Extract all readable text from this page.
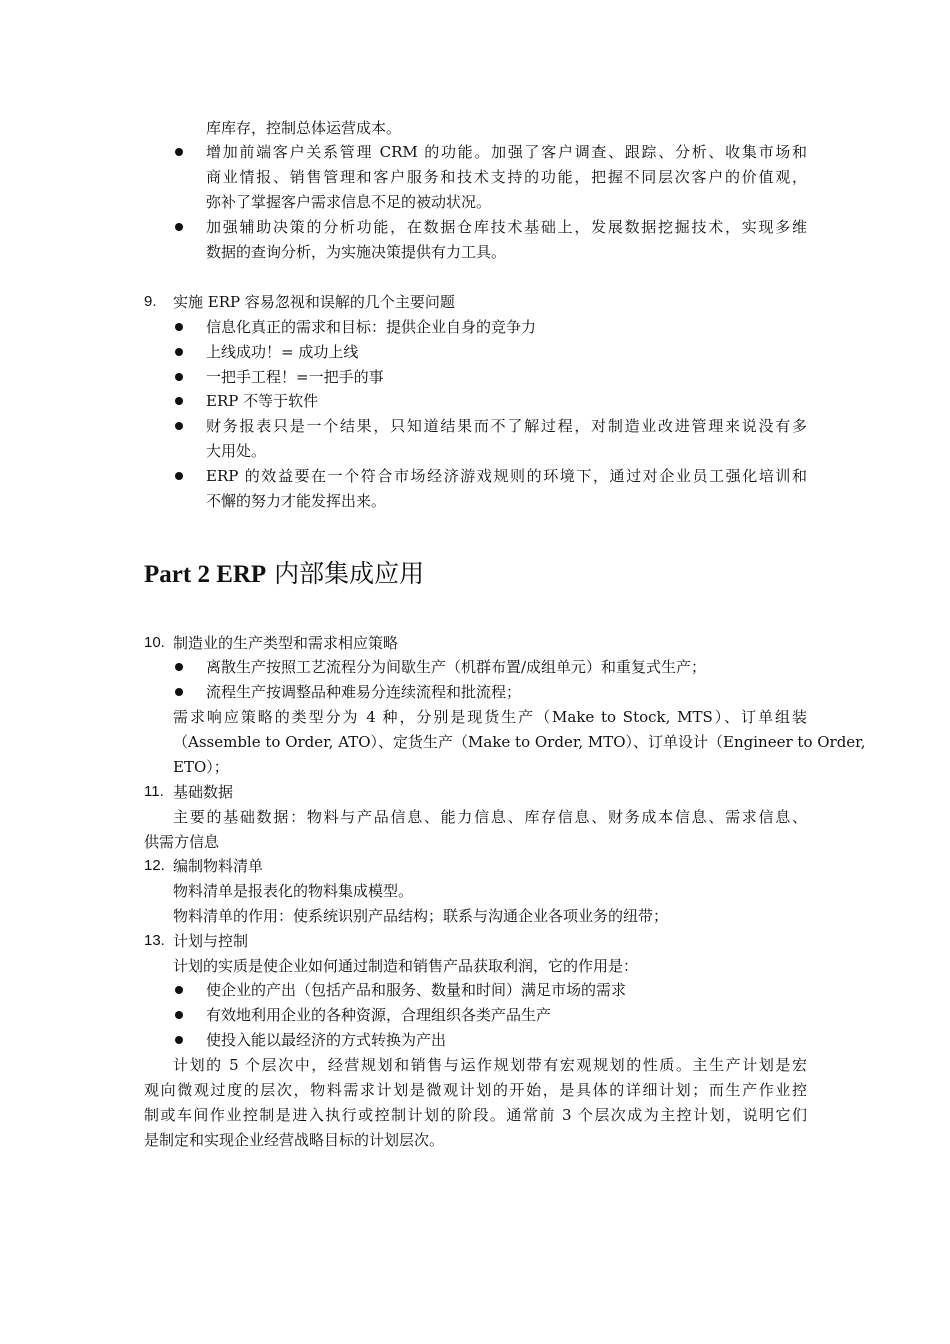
库库存，控制总体运营成本。
增加前端客户关系管理 CRM 的功能。加强了客户调查、跟踪、分析、收集市场和
商业情报、销售管理和客户服务和技术支持的功能，把握不同层次客户的价值观，
弥补了掌握客户需求信息不足的被动状况。
加强辅助决策的分析功能，在数据仓库技术基础上，发展数据挖掘技术，实现多维
数据的查询分析，为实施决策提供有力工具。
9. 实施 ERP 容易忽视和误解的几个主要问题
信息化真正的需求和目标：提供企业自身的竞争力
上线成功！= 成功上线
一把手工程！=一把手的事
ERP 不等于软件
财务报表只是一个结果，只知道结果而不了解过程，对制造业改进管理来说没有多
大用处。
ERP 的效益要在一个符合市场经济游戏规则的环境下，通过对企业员工强化培训和
不懈的努力才能发挥出来。
Part 2 ERP 内部集成应用
10. 制造业的生产类型和需求相应策略
离散生产按照工艺流程分为间歇生产（机群布置/成组单元）和重复式生产；
流程生产按调整品种难易分连续流程和批流程；
需求响应策略的类型分为 4 种，分别是现货生产（Make to Stock, MTS）、订单组装
（Assemble to Order, ATO）、定货生产（Make to Order, MTO）、订单设计（Engineer to Order,
ETO）；
11. 基础数据
主要的基础数据：物料与产品信息、能力信息、库存信息、财务成本信息、需求信息、
供需方信息
12. 编制物料清单
物料清单是报表化的物料集成模型。
物料清单的作用：使系统识别产品结构；联系与沟通企业各项业务的纽带；
13. 计划与控制
计划的实质是使企业如何通过制造和销售产品获取利润，它的作用是：
使企业的产出（包括产品和服务、数量和时间）满足市场的需求
有效地利用企业的各种资源，合理组织各类产品生产
使投入能以最经济的方式转换为产出
计划的 5 个层次中，经营规划和销售与运作规划带有宏观规划的性质。主生产计划是宏
观向微观过度的层次，物料需求计划是微观计划的开始，是具体的详细计划；而生产作业控
制或车间作业控制是进入执行或控制计划的阶段。通常前 3 个层次成为主控计划，说明它们
是制定和实现企业经营战略目标的计划层次。
